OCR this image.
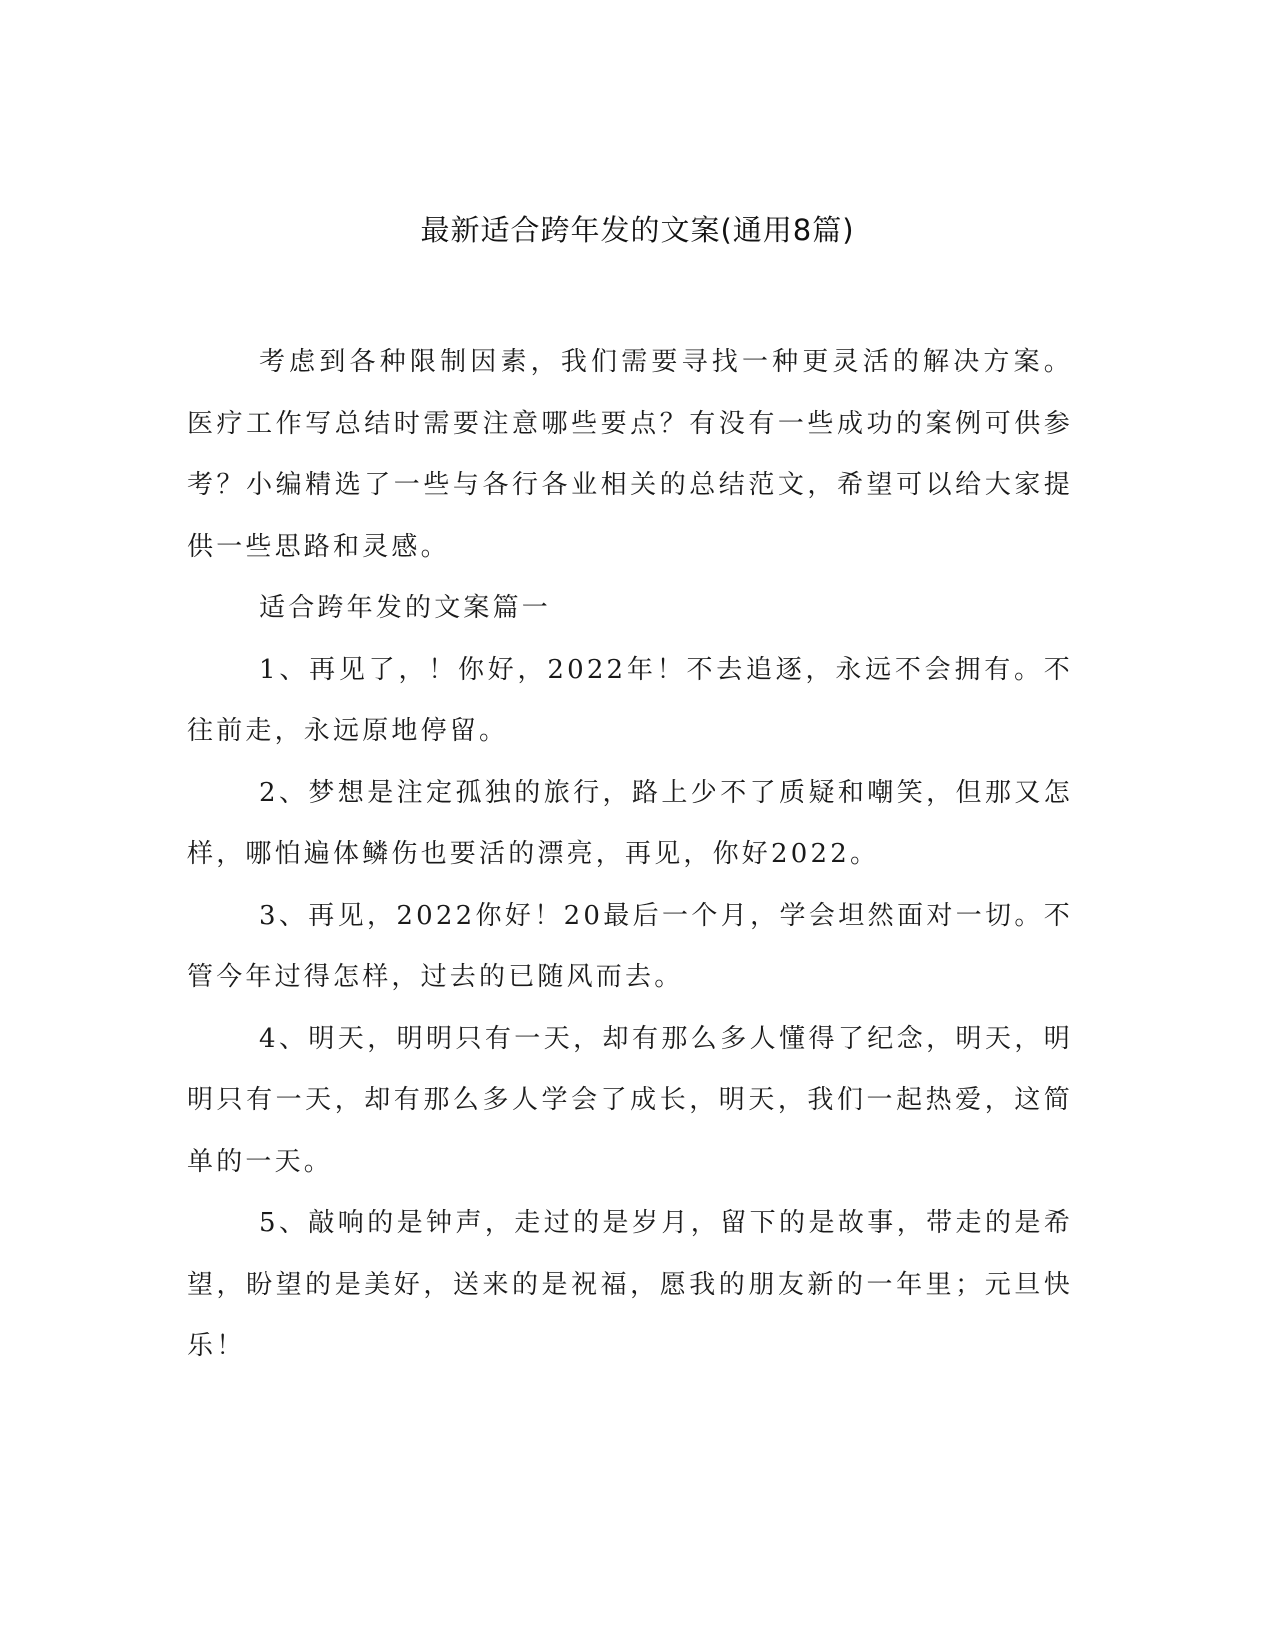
最新适合跨年发的文案(通用8篇)

考虑到各种限制因素，我们需要寻找一种更灵活的解决方案。医疗工作写总结时需要注意哪些要点？有没有一些成功的案例可供参考？小编精选了一些与各行各业相关的总结范文，希望可以给大家提供一些思路和灵感。

适合跨年发的文案篇一

1、再见了，！你好，2022年！不去追逐，永远不会拥有。不往前走，永远原地停留。

2、梦想是注定孤独的旅行，路上少不了质疑和嘲笑，但那又怎样，哪怕遍体鳞伤也要活的漂亮，再见，你好2022。

3、再见，2022你好！20最后一个月，学会坦然面对一切。不管今年过得怎样，过去的已随风而去。

4、明天，明明只有一天，却有那么多人懂得了纪念，明天，明明只有一天，却有那么多人学会了成长，明天，我们一起热爱，这简单的一天。

5、敲响的是钟声，走过的是岁月，留下的是故事，带走的是希望，盼望的是美好，送来的是祝福，愿我的朋友新的一年里；元旦快乐！
